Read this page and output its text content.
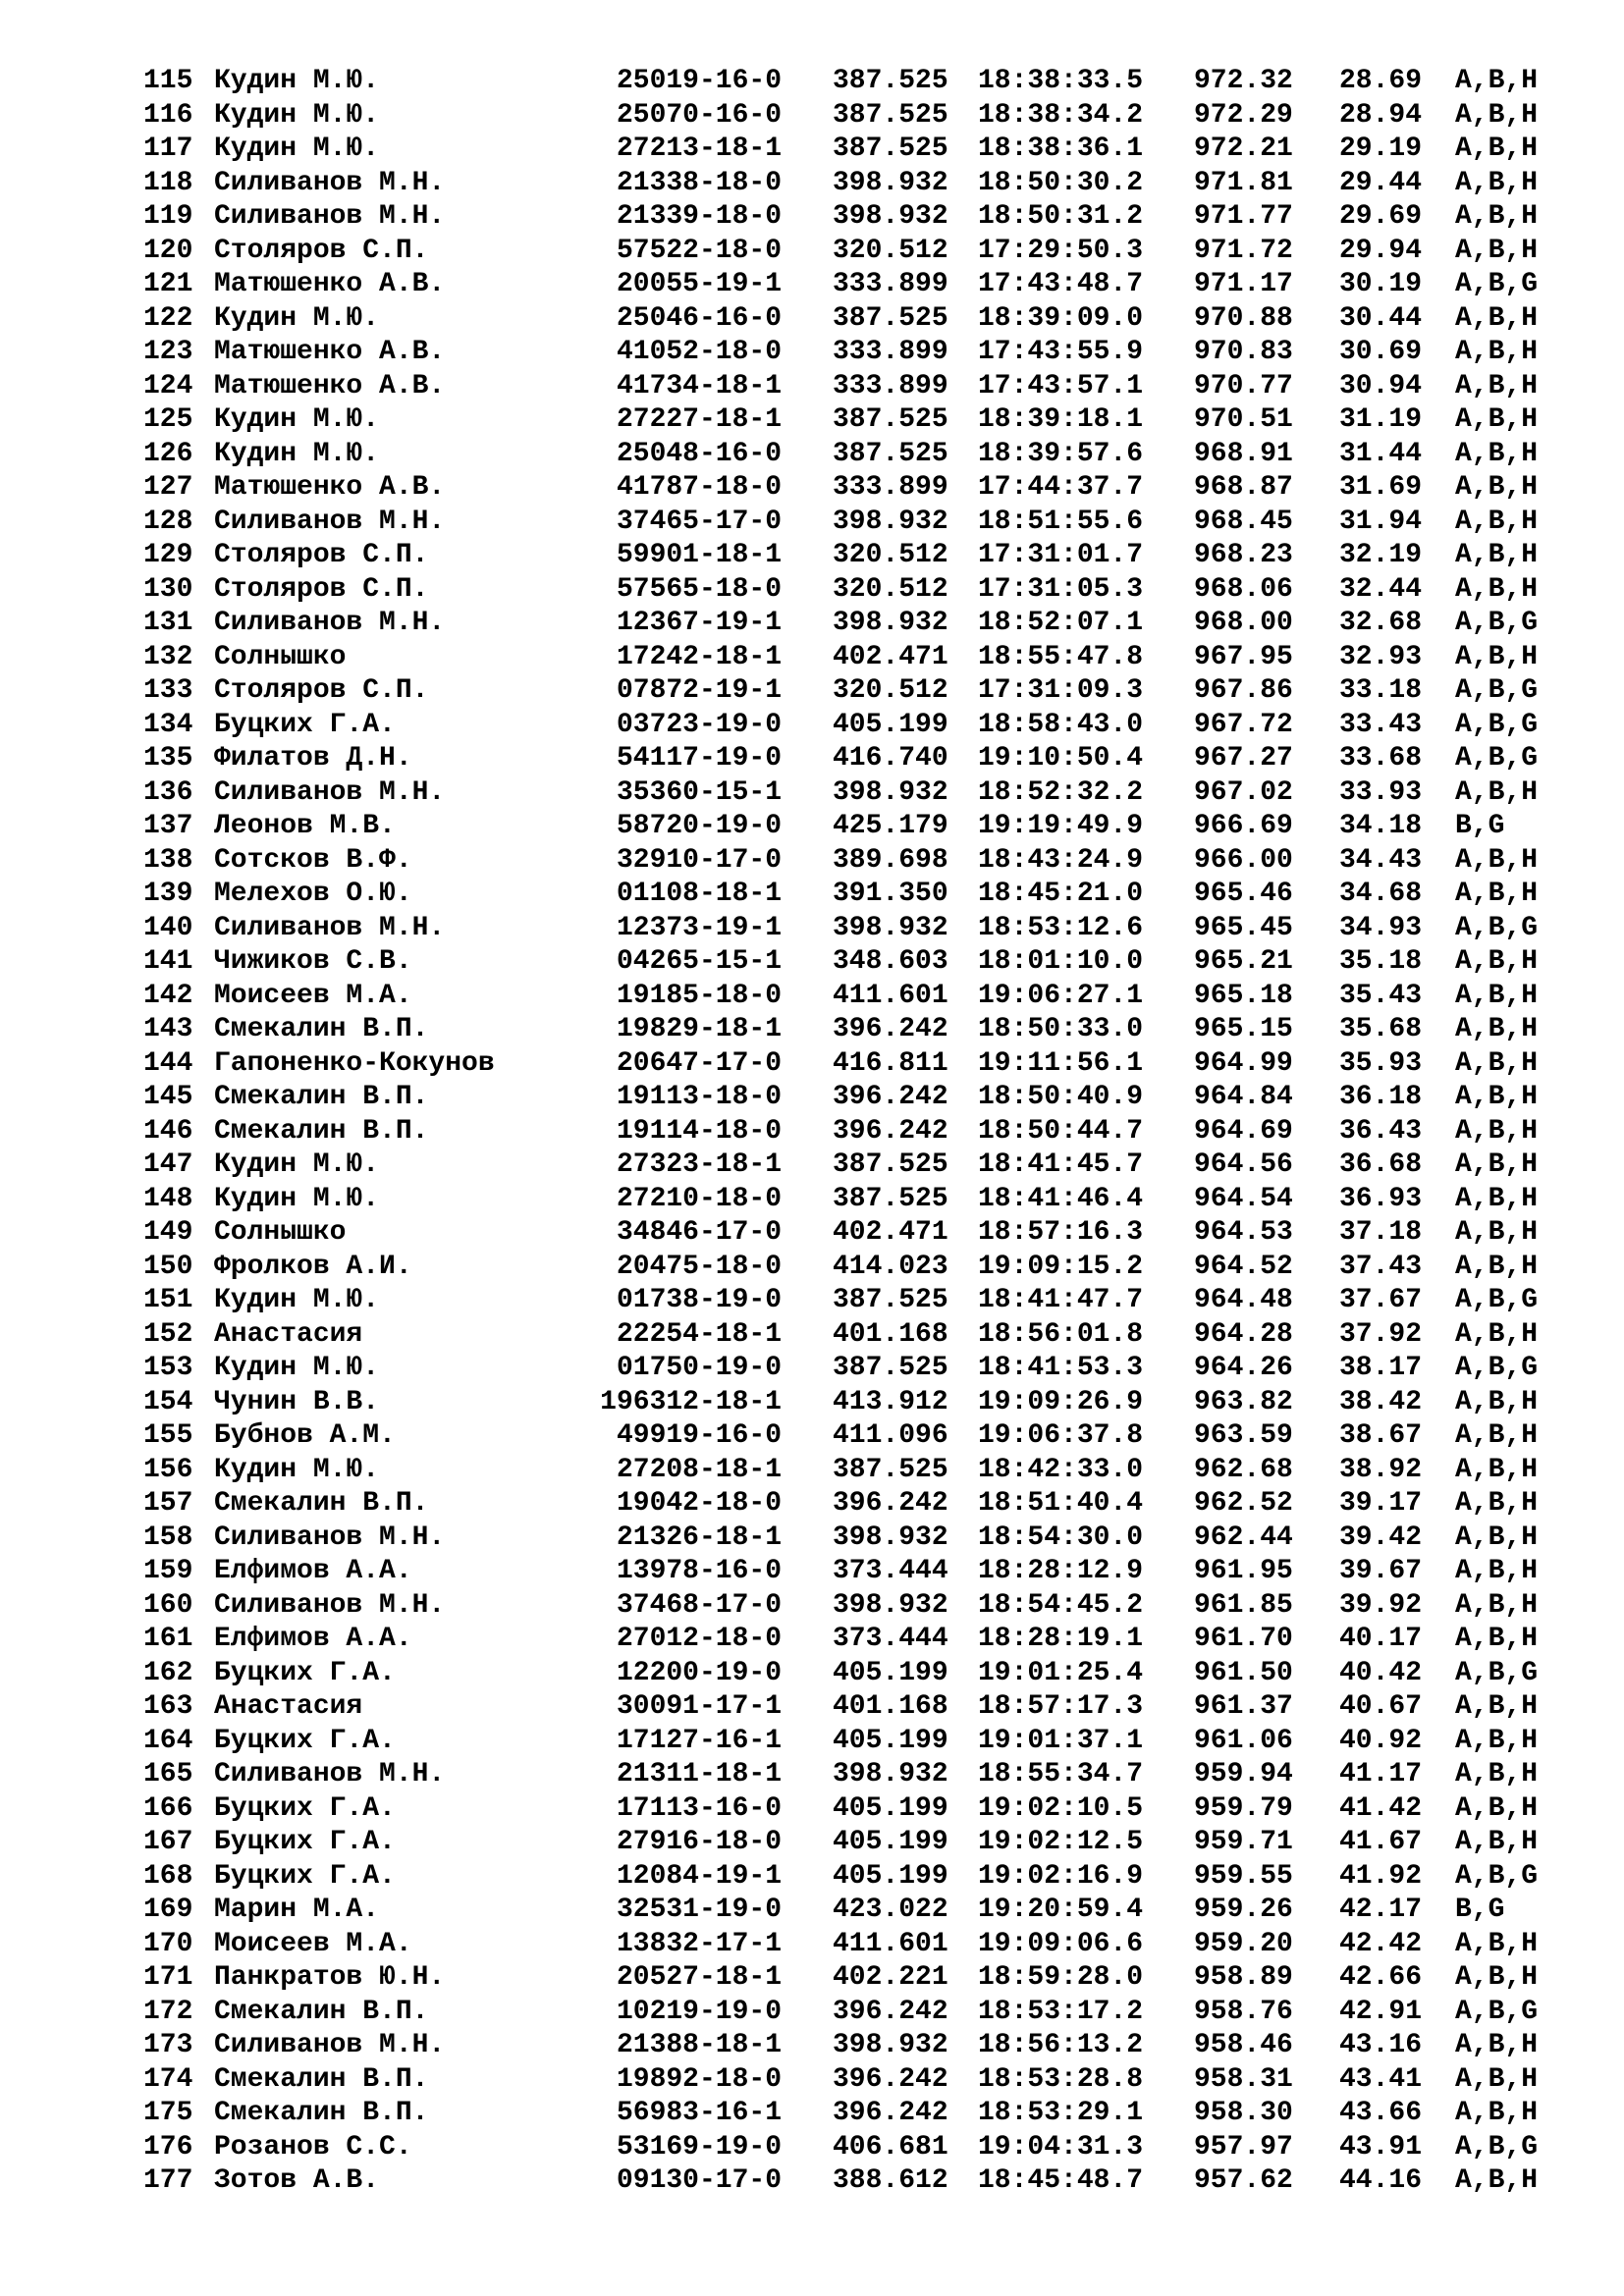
115 Кудин М.Ю.	25019-16-0 387.525 18:38:33.5 972.32 28.69 A,B,H
116 Кудин М.Ю.	25070-16-0 387.525 18:38:34.2 972.29 28.94 A,B,H
117 Кудин М.Ю.	27213-18-1 387.525 18:38:36.1 972.21 29.19 A,B,H
118 Силиванов М.Н.	21338-18-0 398.932 18:50:30.2 971.81 29.44 A,B,H
119 Силиванов М.Н.	21339-18-0 398.932 18:50:31.2 971.77 29.69 A,B,H
120 Столяров С.П.	57522-18-0 320.512 17:29:50.3 971.72 29.94 A,B,H
121 Матюшенко А.В.	20055-19-1 333.899 17:43:48.7 971.17 30.19 A,B,G
122 Кудин М.Ю.	25046-16-0 387.525 18:39:09.0 970.88 30.44 A,B,H
123 Матюшенко А.В.	41052-18-0 333.899 17:43:55.9 970.83 30.69 A,B,H
124 Матюшенко А.В.	41734-18-1 333.899 17:43:57.1 970.77 30.94 A,B,H
125 Кудин М.Ю.	27227-18-1 387.525 18:39:18.1 970.51 31.19 A,B,H
126 Кудин М.Ю.	25048-16-0 387.525 18:39:57.6 968.91 31.44 A,B,H
127 Матюшенко А.В.	41787-18-0 333.899 17:44:37.7 968.87 31.69 A,B,H
128 Силиванов М.Н.	37465-17-0 398.932 18:51:55.6 968.45 31.94 A,B,H
129 Столяров С.П.	59901-18-1 320.512 17:31:01.7 968.23 32.19 A,B,H
130 Столяров С.П.	57565-18-0 320.512 17:31:05.3 968.06 32.44 A,B,H
131 Силиванов М.Н.	12367-19-1 398.932 18:52:07.1 968.00 32.68 A,B,G
132 Солнышко	17242-18-1 402.471 18:55:47.8 967.95 32.93 A,B,H
133 Столяров С.П.	07872-19-1 320.512 17:31:09.3 967.86 33.18 A,B,G
134 Буцких Г.А.	03723-19-0 405.199 18:58:43.0 967.72 33.43 A,B,G
135 Филатов Д.Н.	54117-19-0 416.740 19:10:50.4 967.27 33.68 A,B,G
136 Силиванов М.Н.	35360-15-1 398.932 18:52:32.2 967.02 33.93 A,B,H
137 Леонов М.В.	58720-19-0 425.179 19:19:49.9 966.69 34.18 B,G
138 Сотсков В.Ф.	32910-17-0 389.698 18:43:24.9 966.00 34.43 A,B,H
139 Мелехов О.Ю.	01108-18-1 391.350 18:45:21.0 965.46 34.68 A,B,H
140 Силиванов М.Н.	12373-19-1 398.932 18:53:12.6 965.45 34.93 A,B,G
141 Чижиков С.В.	04265-15-1 348.603 18:01:10.0 965.21 35.18 A,B,H
142 Моисеев М.А.	19185-18-0 411.601 19:06:27.1 965.18 35.43 A,B,H
143 Смекалин В.П.	19829-18-1 396.242 18:50:33.0 965.15 35.68 A,B,H
144 Гапоненко-Кокунов	20647-17-0 416.811 19:11:56.1 964.99 35.93 A,B,H
145 Смекалин В.П.	19113-18-0 396.242 18:50:40.9 964.84 36.18 A,B,H
146 Смекалин В.П.	19114-18-0 396.242 18:50:44.7 964.69 36.43 A,B,H
147 Кудин М.Ю.	27323-18-1 387.525 18:41:45.7 964.56 36.68 A,B,H
148 Кудин М.Ю.	27210-18-0 387.525 18:41:46.4 964.54 36.93 A,B,H
149 Солнышко	34846-17-0 402.471 18:57:16.3 964.53 37.18 A,B,H
150 Фролков А.И.	20475-18-0 414.023 19:09:15.2 964.52 37.43 A,B,H
151 Кудин М.Ю.	01738-19-0 387.525 18:41:47.7 964.48 37.67 A,B,G
152 Анастасия	22254-18-1 401.168 18:56:01.8 964.28 37.92 A,B,H
153 Кудин М.Ю.	01750-19-0 387.525 18:41:53.3 964.26 38.17 A,B,G
154 Чунин В.В.	196312-18-1 413.912 19:09:26.9 963.82 38.42 A,B,H
155 Бубнов А.М.	49919-16-0 411.096 19:06:37.8 963.59 38.67 A,B,H
156 Кудин М.Ю.	27208-18-1 387.525 18:42:33.0 962.68 38.92 A,B,H
157 Смекалин В.П.	19042-18-0 396.242 18:51:40.4 962.52 39.17 A,B,H
158 Силиванов М.Н.	21326-18-1 398.932 18:54:30.0 962.44 39.42 A,B,H
159 Елфимов А.А.	13978-16-0 373.444 18:28:12.9 961.95 39.67 A,B,H
160 Силиванов М.Н.	37468-17-0 398.932 18:54:45.2 961.85 39.92 A,B,H
161 Елфимов А.А.	27012-18-0 373.444 18:28:19.1 961.70 40.17 A,B,H
162 Буцких Г.А.	12200-19-0 405.199 19:01:25.4 961.50 40.42 A,B,G
163 Анастасия	30091-17-1 401.168 18:57:17.3 961.37 40.67 A,B,H
164 Буцких Г.А.	17127-16-1 405.199 19:01:37.1 961.06 40.92 A,B,H
165 Силиванов М.Н.	21311-18-1 398.932 18:55:34.7 959.94 41.17 A,B,H
166 Буцких Г.А.	17113-16-0 405.199 19:02:10.5 959.79 41.42 A,B,H
167 Буцких Г.А.	27916-18-0 405.199 19:02:12.5 959.71 41.67 A,B,H
168 Буцких Г.А.	12084-19-1 405.199 19:02:16.9 959.55 41.92 A,B,G
169 Марин М.А.	32531-19-0 423.022 19:20:59.4 959.26 42.17 B,G
170 Моисеев М.А.	13832-17-1 411.601 19:09:06.6 959.20 42.42 A,B,H
171 Панкратов Ю.Н.	20527-18-1 402.221 18:59:28.0 958.89 42.66 A,B,H
172 Смекалин В.П.	10219-19-0 396.242 18:53:17.2 958.76 42.91 A,B,G
173 Силиванов М.Н.	21388-18-1 398.932 18:56:13.2 958.46 43.16 A,B,H
174 Смекалин В.П.	19892-18-0 396.242 18:53:28.8 958.31 43.41 A,B,H
175 Смекалин В.П.	56983-16-1 396.242 18:53:29.1 958.30 43.66 A,B,H
176 Розанов С.С.	53169-19-0 406.681 19:04:31.3 957.97 43.91 A,B,G
177 Зотов А.В.	09130-17-0 388.612 18:45:48.7 957.62 44.16 A,B,H
